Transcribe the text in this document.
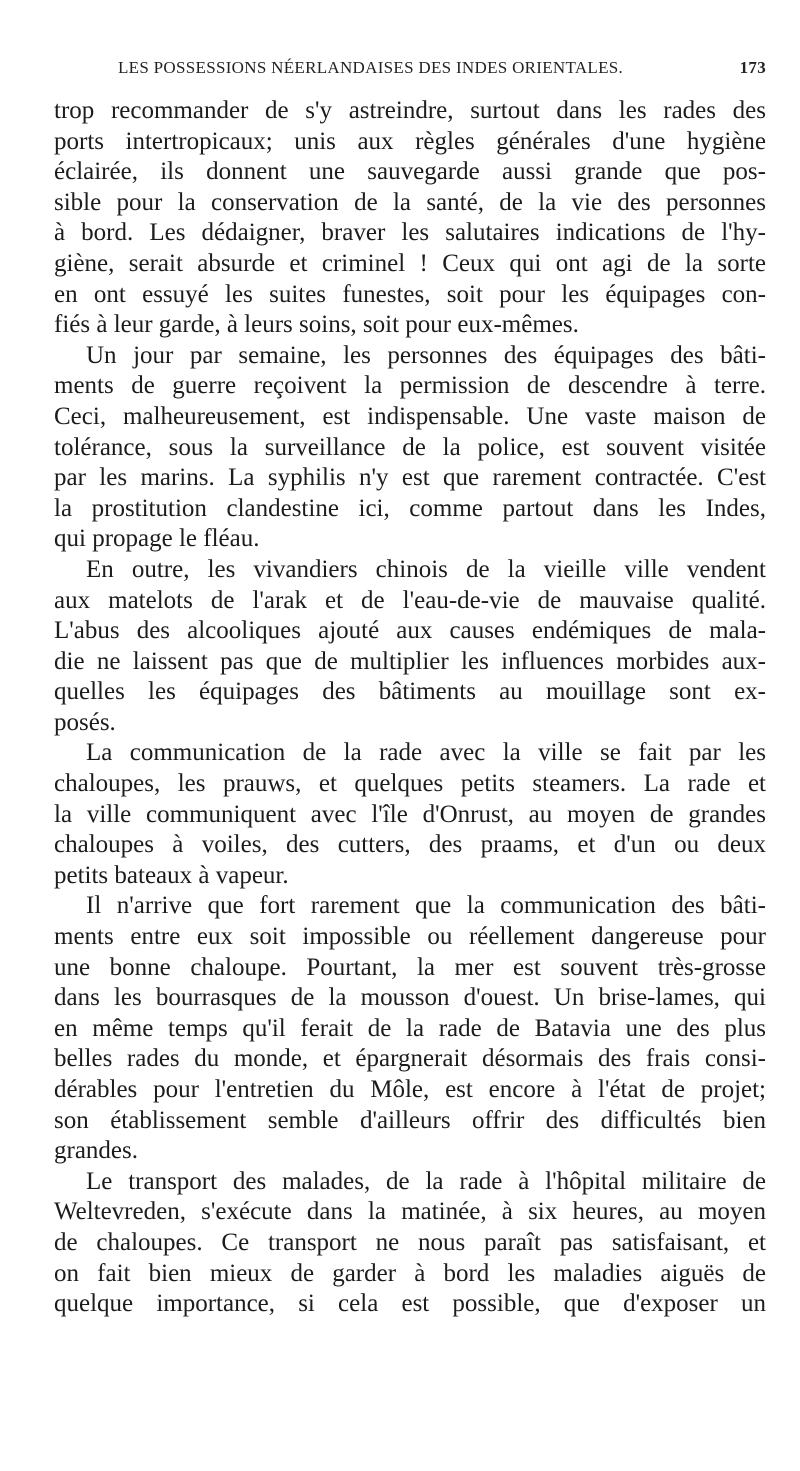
LES POSSESSIONS NÉERLANDAISES DES INDES ORIENTALES.	173
trop recommander de s'y astreindre, surtout dans les rades des
ports intertropicaux; unis aux règles générales d'une hygiène
éclairée, ils donnent une sauvegarde aussi grande que pos-
sible pour la conservation de la santé, de la vie des personnes
à bord. Les dédaigner, braver les salutaires indications de l'hy-
giène, serait absurde et criminel ! Ceux qui ont agi de la sorte
en ont essuyé les suites funestes, soit pour les équipages con-
fiés à leur garde, à leurs soins, soit pour eux-mêmes.
Un jour par semaine, les personnes des équipages des bâti-
ments de guerre reçoivent la permission de descendre à terre.
Ceci, malheureusement, est indispensable. Une vaste maison de
tolérance, sous la surveillance de la police, est souvent visitée
par les marins. La syphilis n'y est que rarement contractée. C'est
la prostitution clandestine ici, comme partout dans les Indes,
qui propage le fléau.
En outre, les vivandiers chinois de la vieille ville vendent
aux matelots de l'arak et de l'eau-de-vie de mauvaise qualité.
L'abus des alcooliques ajouté aux causes endémiques de mala-
die ne laissent pas que de multiplier les influences morbides aux-
quelles les équipages des bâtiments au mouillage sont ex-
posés.
La communication de la rade avec la ville se fait par les
chaloupes, les prauws, et quelques petits steamers. La rade et
la ville communiquent avec l'île d'Onrust, au moyen de grandes
chaloupes à voiles, des cutters, des praams, et d'un ou deux
petits bateaux à vapeur.
Il n'arrive que fort rarement que la communication des bâti-
ments entre eux soit impossible ou réellement dangereuse pour
une bonne chaloupe. Pourtant, la mer est souvent très-grosse
dans les bourrasques de la mousson d'ouest. Un brise-lames, qui
en même temps qu'il ferait de la rade de Batavia une des plus
belles rades du monde, et épargnerait désormais des frais consi-
dérables pour l'entretien du Môle, est encore à l'état de projet;
son établissement semble d'ailleurs offrir des difficultés bien
grandes.
Le transport des malades, de la rade à l'hôpital militaire de
Weltevreden, s'exécute dans la matinée, à six heures, au moyen
de chaloupes. Ce transport ne nous paraît pas satisfaisant, et
on fait bien mieux de garder à bord les maladies aiguës de
quelque importance, si cela est possible, que d'exposer un
